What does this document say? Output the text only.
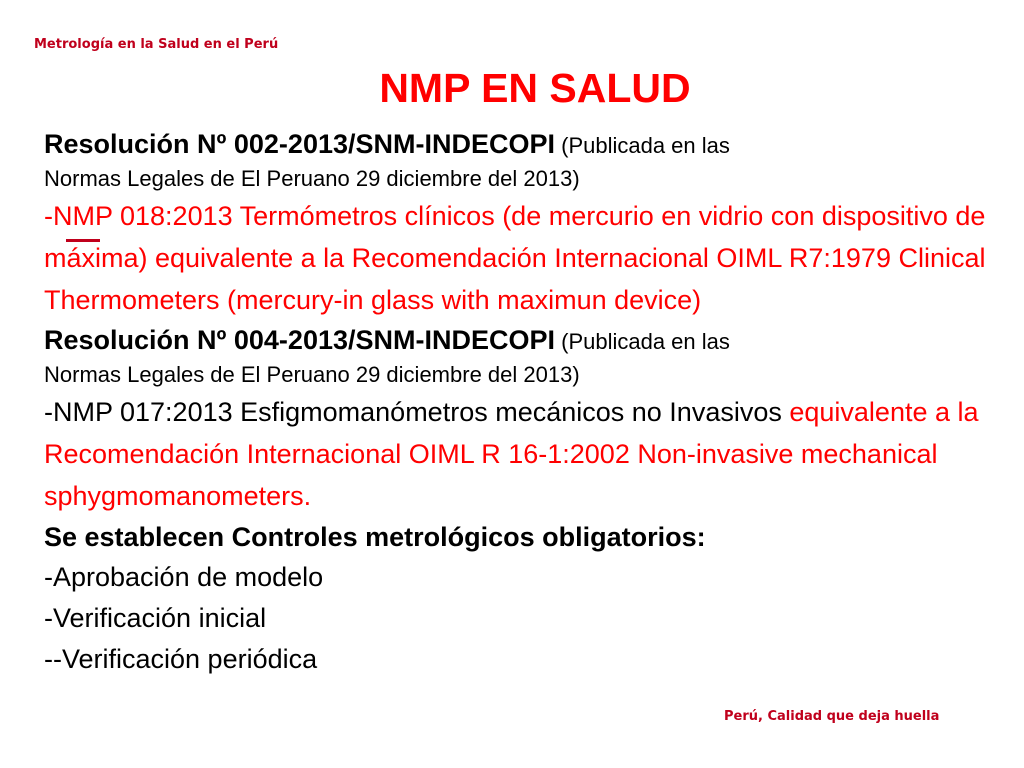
Metrología en la Salud en el Perú
NMP EN SALUD

Resolución Nº 002-2013/SNM-INDECOPI (Publicada en las

Normas Legales de El Peruano 29 diciembre del 2013)

-NMP 018:2013 Termómetros clínicos (de mercurio en vidrio con dispositivo de máxima) equivalente a la Recomendación Internacional OIML R7:1979 Clinical Thermometers (mercury-in glass with maximun device)

Resolución Nº 004-2013/SNM-INDECOPI (Publicada en las

Normas Legales de El Peruano 29 diciembre del 2013)

-NMP 017:2013 Esfigmomanómetros mecánicos no Invasivos equivalente a la Recomendación Internacional OIML R 16-1:2002 Non-invasive mechanical sphygmomanometers.

Se establecen Controles metrológicos obligatorios:

-Aprobación de modelo

-Verificación inicial

--Verificación periódica

Perú, Calidad que deja huella
